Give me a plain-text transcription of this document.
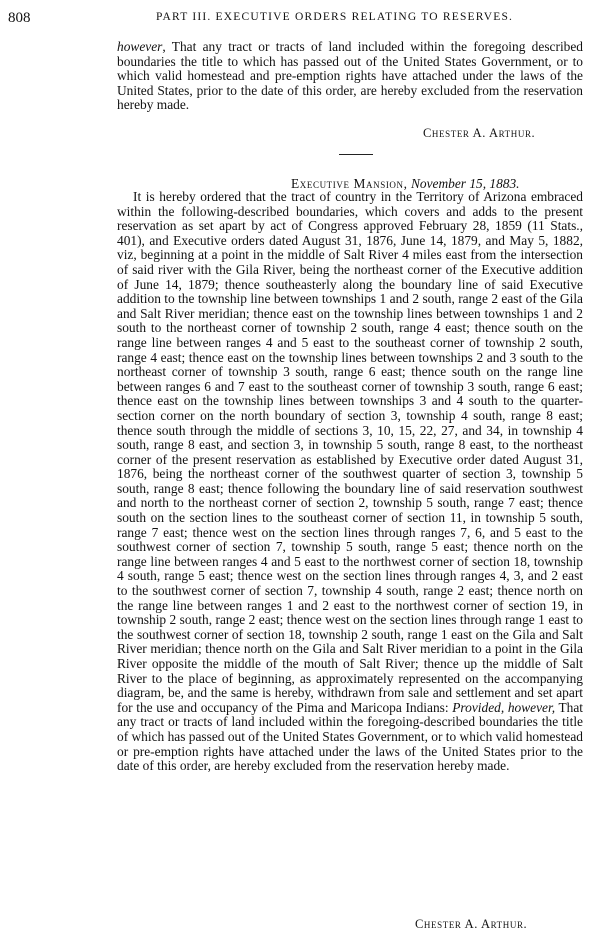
808	PART III. EXECUTIVE ORDERS RELATING TO RESERVES.
however, That any tract or tracts of land included within the foregoing described boundaries the title to which has passed out of the United States Government, or to which valid homestead and pre-emption rights have attached under the laws of the United States, prior to the date of this order, are hereby excluded from the reservation hereby made.
Chester A. Arthur.
Executive Mansion, November 15, 1883.
It is hereby ordered that the tract of country in the Territory of Arizona embraced within the following-described boundaries, which covers and adds to the present reservation as set apart by act of Congress approved February 28, 1859 (11 Stats., 401), and Executive orders dated August 31, 1876, June 14, 1879, and May 5, 1882, viz, beginning at a point in the middle of Salt River 4 miles east from the intersection of said river with the Gila River, being the northeast corner of the Executive addition of June 14, 1879; thence southeasterly along the boundary line of said Executive addition to the township line between townships 1 and 2 south, range 2 east of the Gila and Salt River meridian; thence east on the township lines between townships 1 and 2 south to the northeast corner of township 2 south, range 4 east; thence south on the range line between ranges 4 and 5 east to the southeast corner of township 2 south, range 4 east; thence east on the township lines between townships 2 and 3 south to the northeast corner of township 3 south, range 6 east; thence south on the range line between ranges 6 and 7 east to the southeast corner of township 3 south, range 6 east; thence east on the township lines between townships 3 and 4 south to the quarter-section corner on the north boundary of section 3, township 4 south, range 8 east; thence south through the middle of sections 3, 10, 15, 22, 27, and 34, in township 4 south, range 8 east, and section 3, in township 5 south, range 8 east, to the northeast corner of the present reservation as established by Executive order dated August 31, 1876, being the northeast corner of the southwest quarter of section 3, township 5 south, range 8 east; thence following the boundary line of said reservation southwest and north to the northeast corner of section 2, township 5 south, range 7 east; thence south on the section lines to the southeast corner of section 11, in township 5 south, range 7 east; thence west on the section lines through ranges 7, 6, and 5 east to the southwest corner of section 7, township 5 south, range 5 east; thence north on the range line between ranges 4 and 5 east to the northwest corner of section 18, township 4 south, range 5 east; thence west on the section lines through ranges 4, 3, and 2 east to the southwest corner of section 7, township 4 south, range 2 east; thence north on the range line between ranges 1 and 2 east to the northwest corner of section 19, in township 2 south, range 2 east; thence west on the section lines through range 1 east to the southwest corner of section 18, township 2 south, range 1 east on the Gila and Salt River meridian; thence north on the Gila and Salt River meridian to a point in the Gila River opposite the middle of the mouth of Salt River; thence up the middle of Salt River to the place of beginning, as approximately represented on the accompanying diagram, be, and the same is hereby, withdrawn from sale and settlement and set apart for the use and occupancy of the Pima and Maricopa Indians: Provided, however, That any tract or tracts of land included within the foregoing-described boundaries the title of which has passed out of the United States Government, or to which valid homestead or pre-emption rights have attached under the laws of the United States prior to the date of this order, are hereby excluded from the reservation hereby made.
Chester A. Arthur.
